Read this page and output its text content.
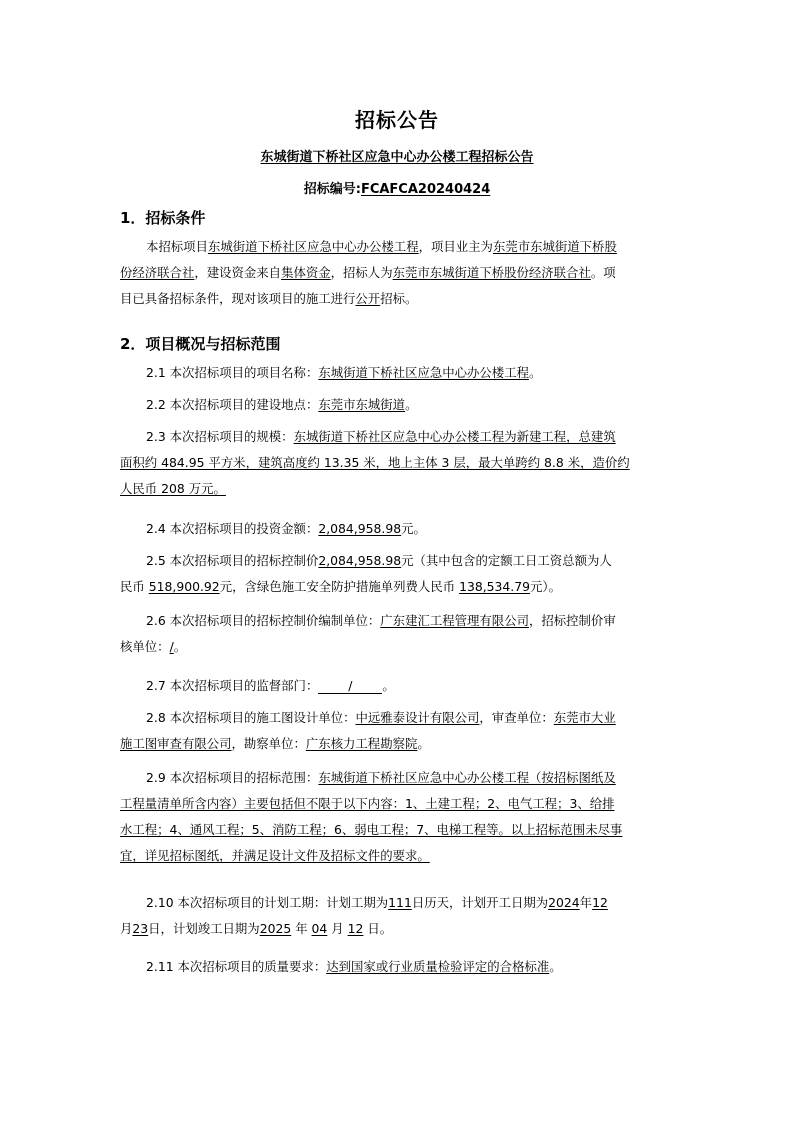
招标公告
东城街道下桥社区应急中心办公楼工程招标公告
招标编号:FCAFCA20240424
1．招标条件
本招标项目东城街道下桥社区应急中心办公楼工程，项目业主为东莞市东城街道下桥股
份经济联合社，建设资金来自集体资金，招标人为东莞市东城街道下桥股份经济联合社。项
目已具备招标条件，现对该项目的施工进行公开招标。
2．项目概况与招标范围
2.1 本次招标项目的项目名称：东城街道下桥社区应急中心办公楼工程。
2.2 本次招标项目的建设地点：东莞市东城街道。
2.3 本次招标项目的规模：东城街道下桥社区应急中心办公楼工程为新建工程，总建筑
面积约 484.95 平方米，建筑高度约 13.35 米，地上主体 3 层，最大单跨约 8.8 米，造价约
人民币 208 万元。
2.4 本次招标项目的投资金额：2,084,958.98元。
2.5 本次招标项目的招标控制价2,084,958.98元（其中包含的定额工日工资总额为人
民币 518,900.92元，含绿色施工安全防护措施单列费人民币 138,534.79元）。
2.6 本次招标项目的招标控制价编制单位：广东建汇工程管理有限公司，招标控制价审
核单位：/。
2.7 本次招标项目的监督部门： / 。
2.8 本次招标项目的施工图设计单位：中远雅泰设计有限公司，审查单位：东莞市大业
施工图审查有限公司，勘察单位：广东核力工程勘察院。
2.9 本次招标项目的招标范围：东城街道下桥社区应急中心办公楼工程（按招标图纸及
工程量清单所含内容）主要包括但不限于以下内容：1、土建工程；2、电气工程；3、给排
水工程；4、通风工程；5、消防工程；6、弱电工程；7、电梯工程等。以上招标范围未尽事
宜，详见招标图纸，并满足设计文件及招标文件的要求。
2.10 本次招标项目的计划工期：计划工期为111日历天，计划开工日期为2024年12
月23日，计划竣工日期为2025 年 04 月 12 日。
2.11 本次招标项目的质量要求：达到国家或行业质量检验评定的合格标准。
